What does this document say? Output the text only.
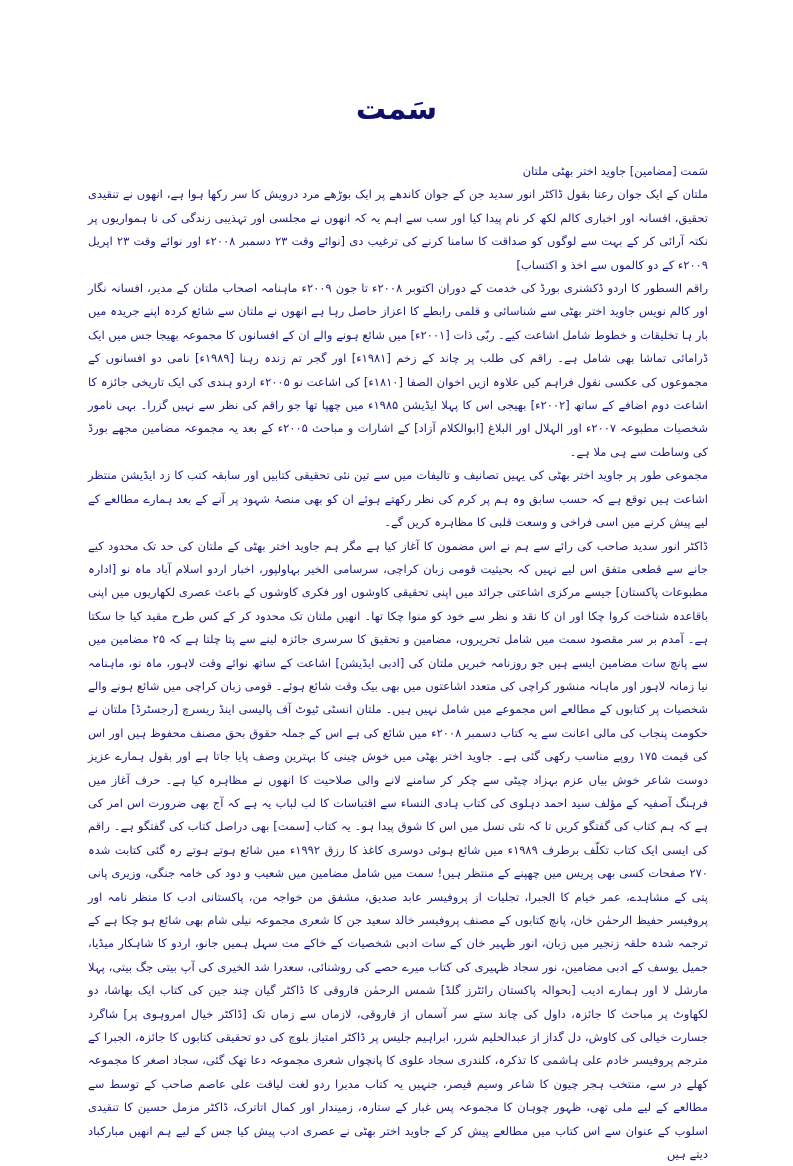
سَمت

سَمت [مضامین] جاوید اختر بھٹی ملتان

ملتان کے ایک جوان رعنا بقول ڈاکٹر انور سدید جن کے جوان کاندھے پر ایک بوڑھے مرد درویش کا سر رکھا ہوا ہے، انھوں نے تنقیدی تحقیق، افسانہ اور اخباری کالم لکھ کر نام پیدا کیا اور سب سے اہم یہ کہ انھوں نے مجلسی اور تہذیبی زندگی کی نا ہمواریوں پر نکتہ آرائی کر کے بہت سے لوگوں کو صداقت کا سامنا کرنے کی ترغیب دی [نوائے وقت ۲۳ دسمبر ۲۰۰۸ء اور نوائے وقت ۲۳ اپریل ۲۰۰۹ء کے دو کالموں سے اخذ و اکتساب]

راقم السطور کا اردو ڈکشنری بورڈ کی خدمت کے دوران اکتوبر ۲۰۰۸ء تا جون ۲۰۰۹ء ماہنامہ اصحاب ملتان کے مدیر، افسانہ نگار اور کالم نویس جاوید اختر بھٹی سے شناسائی و قلمی رابطے کا اعزاز حاصل رہا ہے انھوں نے ملتان سے شائع کردہ اپنے جریدہ میں بار ہا تخلیقات و خطوط شامل اشاعت کیے۔ ربّی ذات [۲۰۰۱ء] میں شائع ہونے والے ان کے افسانوں کا مجموعہ بھیجا جس میں ایک ڈرامائی تماشا بھی شامل ہے۔ راقم کی طلب پر چاند کے زخم [۱۹۸۱ء] اور گجر تم زندہ رہنا [۱۹۸۹ء] نامی دو افسانوں کے مجموعوں کی عکسی نقول فراہم کیں علاوہ ازیں اخوان الصفا [۱۸۱۰ء] کی اشاعت نو ۲۰۰۵ء اردو ہندی کی ایک تاریخی جائزہ کا اشاعت دوم اضافے کے ساتھ [۲۰۰۲ء] بھیجی اس کا پہلا ایڈیشن ۱۹۸۵ء میں چھپا تھا جو راقم کی نظر سے نہیں گزرا۔ بہی نامور شخصیات مطبوعہ ۲۰۰۷ء اور الہلال اور البلاغ [ابوالکلام آزاد] کے اشارات و مباحث ۲۰۰۵ء کے بعد یہ مجموعہ مضامین مجھے بورڈ کی وساطت سے ہی ملا ہے۔

مجموعی طور پر جاوید اختر بھٹی کی یہیں تصانیف و تالیفات میں سے تین نئی تحقیقی کتابیں اور سابقہ کتب کا زد ایڈیشن منتظر اشاعت ہیں توقع ہے کہ حسب سابق وہ ہم پر کرم کی نظر رکھتے ہوئے ان کو بھی منصۂ شہود پر آنے کے بعد ہمارے مطالعے کے لیے پیش کرنے میں اسی فراخی و وسعت قلبی کا مظاہرہ کریں گے۔

ڈاکٹر انور سدید صاحب کی رائے سے ہم نے اس مضمون کا آغاز کیا ہے مگر ہم جاوید اختر بھٹی کے ملتان کی حد تک محدود کیے جانے سے قطعی متفق اس لیے نہیں کہ بحیثیت قومی زبان کراچی، سرسامی الخیر بہاولپور، اخبار اردو اسلام آباد ماہ نو [ادارہ مطبوعات پاکستان] جیسے مرکزی اشاعتی جرائد میں اپنی تحقیقی کاوشوں اور فکری کاوشوں کے باعث عصری لکھاریوں میں اپنی باقاعدہ شناخت کروا چکا اور ان کا نقد و نظر سے خود کو منوا چکا تھا۔ انھیں ملتان تک محدود کر کے کس طرح مقید کیا جا سکتا ہے۔ آمدم بر سر مقصود سمت میں شامل تحریروں، مضامین و تحقیق کا سرسری جائزہ لینے سے پتا چلتا ہے کہ ۲۵ مضامین میں سے پانچ سات مضامین ایسے ہیں جو روزنامہ خبریں ملتان کی [ادبی ایڈیشن] اشاعت کے ساتھ نوائے وقت لاہور، ماہ نو، ماہنامہ نیا زمانہ لاہور اور ماہانہ منشور کراچی کی متعدد اشاعتوں میں بھی بیک وقت شائع ہوئے۔ قومی زبان کراچی میں شائع ہونے والے شخصیات پر کتابوں کے مطالعے اس مجموعے میں شامل نہیں ہیں۔ ملتان انسٹی ٹیوٹ آف پالیسی اینڈ ریسرچ [رجسٹرڈ] ملتان نے حکومت پنجاب کی مالی اعانت سے یہ کتاب دسمبر ۲۰۰۸ء میں شائع کی ہے اس کے جملہ حقوق بحق مصنف محفوظ ہیں اور اس کی قیمت ۱۷۵ روپے مناسب رکھی گئی ہے۔ جاوید اختر بھٹی میں خوش چینی کا بہترین وصف پایا جاتا ہے اور بقول ہمارے عزیز دوست شاعر خوش بیاں عزم بہزاد چیٹی سے چکر کر سامنے لانے والی صلاحیت کا انھوں نے مظاہرہ کیا ہے۔ حرف آغاز میں فرہنگ آصفیہ کے مؤلف سید احمد دہلوی کی کتاب ہادی النساء سے اقتباسات کا لب لباب یہ ہے کہ آج بھی ضرورت اس امر کی ہے کہ ہم کتاب کی گفتگو کریں تا کہ نئی نسل میں اس کا شوق پیدا ہو۔ یہ کتاب [سمت] بھی دراصل کتاب کی گفتگو ہے۔ راقم کی ایسی ایک کتاب تکلّف برطرف ۱۹۸۹ء میں شائع ہوئی دوسری کاغذ کا رزق ۱۹۹۲ء میں شائع ہوتے ہوتے رہ گئی کتابت شدہ ۲۷۰ صفحات کسی بھی پریس میں چھپنے کے منتظر ہیں! سمت میں شامل مضامین میں شعیب و دود کی خامہ جنگی، وزیری پانی پتی کے مشاہدے، عمر خیام کا الجبرا، تجلیات از پروفیسر عابد صدیق، مشفق من خواجہ من، پاکستانی ادب کا منظر نامہ اور پروفیسر حفیظ الرحمٰن خان، پانچ کتابوں کے مصنف پروفیسر خالد سعید جن کا شعری مجموعہ نیلی شام بھی شائع ہو چکا ہے کے ترجمہ شدہ حلقہ زنجیر میں زبان، انور ظہیر خان کے سات ادبی شخصیات کے خاکے مت سہل ہمیں جانو، اردو کا شاہکار میڈیا، جمیل یوسف کے ادبی مضامین، نور سجاد ظہیری کی کتاب میرے حصے کی روشنائی، سعدرا شد الخیری کی آپ بیتی جگ بیتی، پہلا مارشل لا اور ہمارے ادیب [بحوالہ پاکستان رائٹرز گلڈ] شمس الرحمٰن فاروقی کا ڈاکٹر گیان چند جین کی کتاب ایک بھاشا، دو لکھاوٹ پر مباحث کا جائزہ، داول کی چاند ستے سر آسماں از فاروقی، لازماں سے زماں تک [ڈاکٹر خیال امروہوی پر] شاگرد جسارت خیالی کی کاوش، دل گداز از عبدالحلیم شرر، ابراہیم جلیس پر ڈاکٹر امتیاز بلوچ کی دو تحقیقی کتابوں کا جائزہ، الجبرا کے مترجم پروفیسر خادم علی ہاشمی کا تذکرہ، کلندری سجاد علوی کا پانچواں شعری مجموعہ دعا تھک گئی، سجاد اصغر کا مجموعہ کھلے در سے، منتخب ہجر چیون کا شاعر وسیم قیصر، جنہیں یہ کتاب مدیرا ردو لغت لیاقت علی عاصم صاحب کے توسط سے مطالعے کے لیے ملی تھی، ظہور چوہان کا مجموعہ پس غبار کے ستارہ، زمیندار اور کمال اتاترک، ڈاکٹر مزمل حسین کا تنقیدی اسلوب کے عنوان سے اس کتاب میں مطالعے پیش کر کے جاوید اختر بھٹی نے عصری ادب پیش کیا جس کے لیے ہم انھیں مبارکباد دیتے ہیں
